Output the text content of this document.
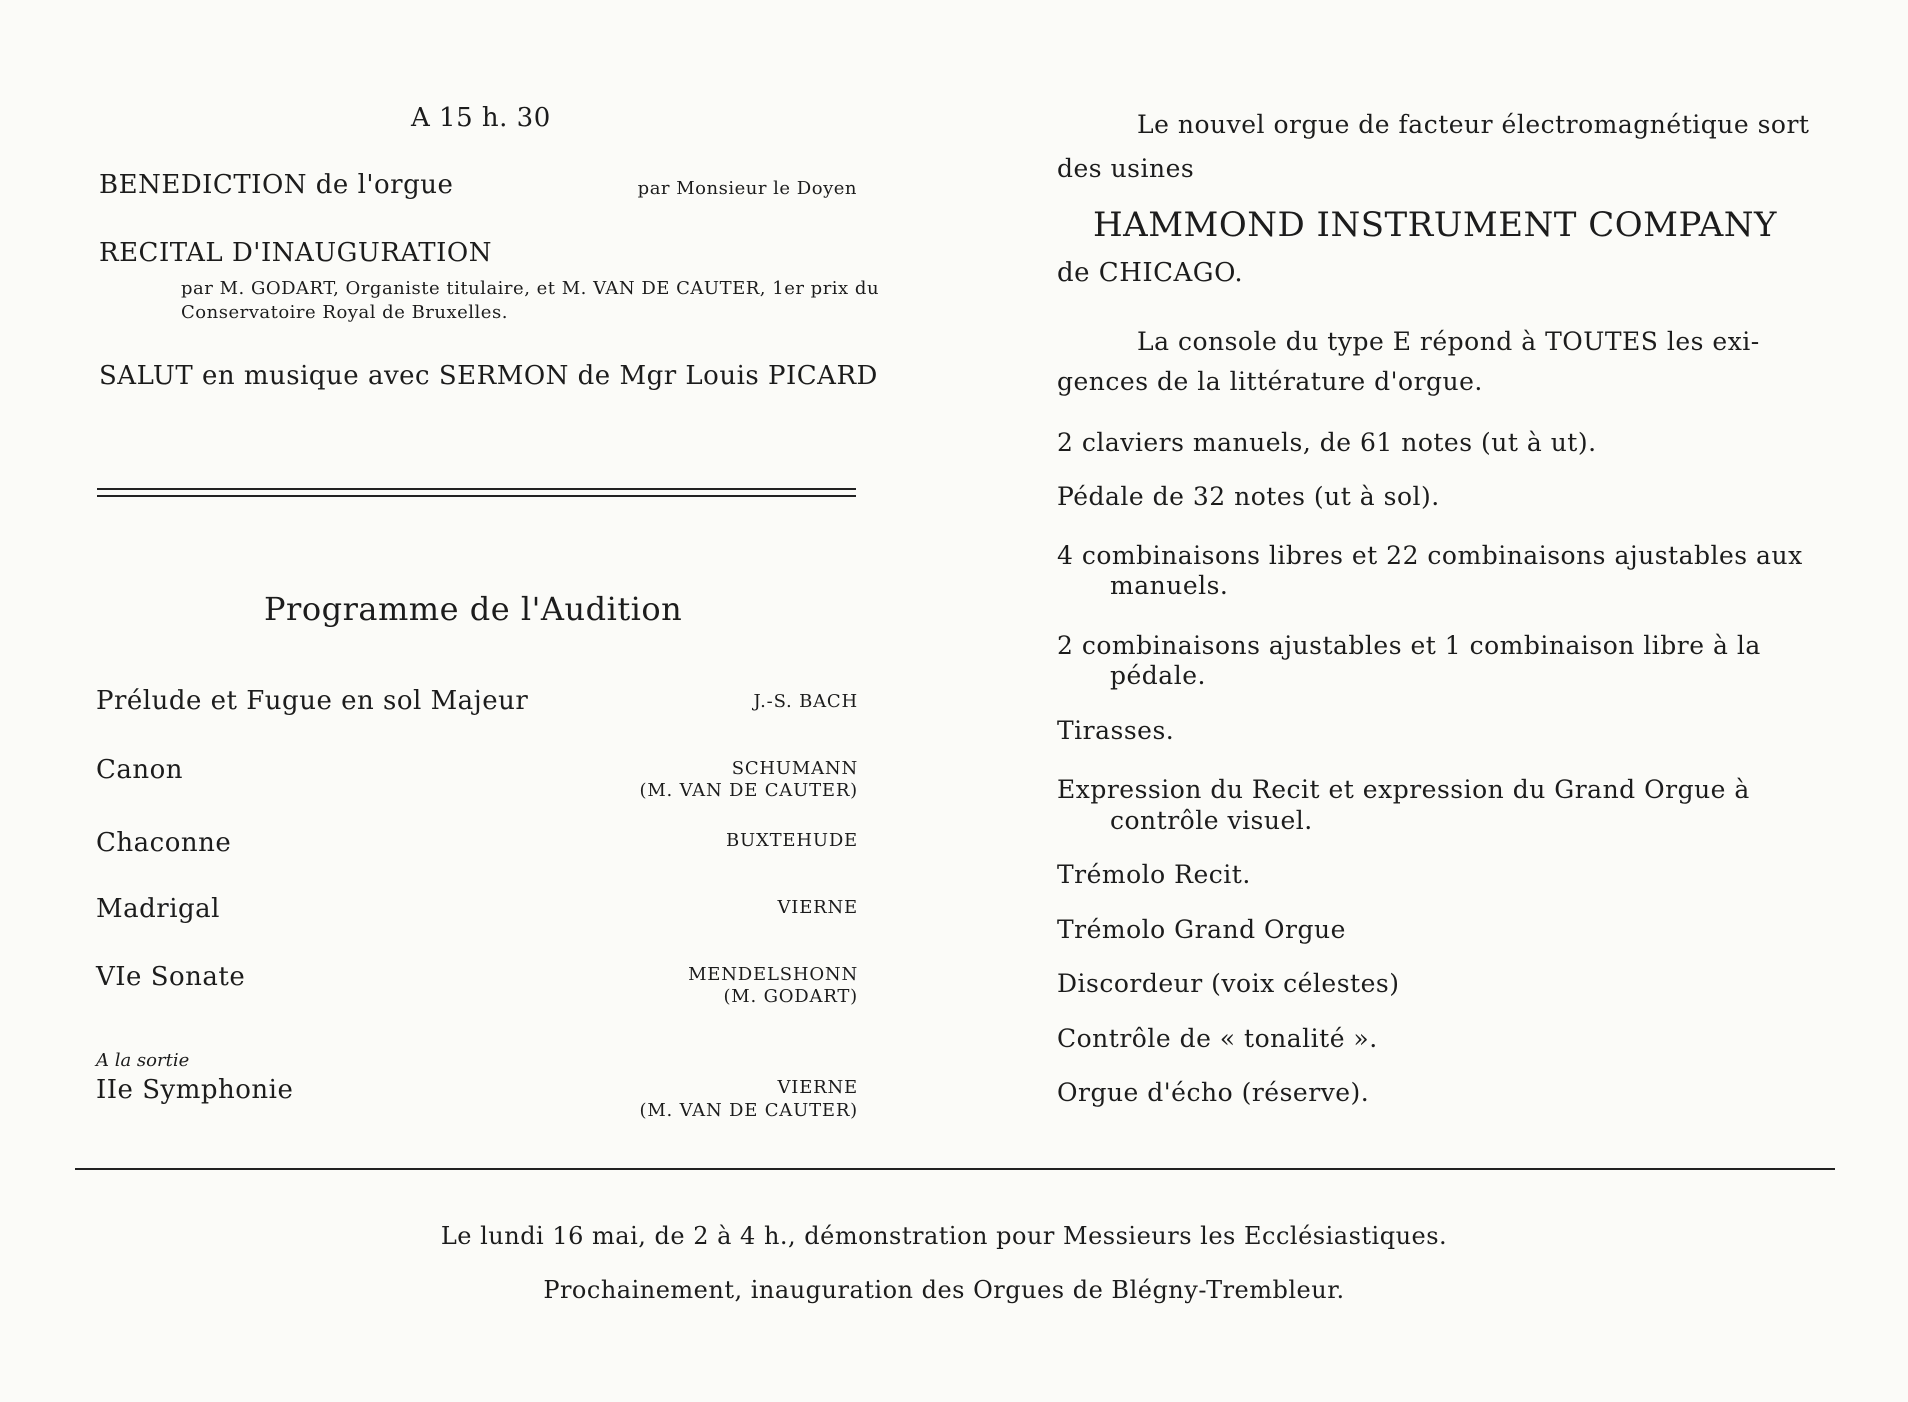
A 15 h. 30
BENEDICTION de l'orgue	par Monsieur le Doyen
RECITAL D'INAUGURATION
par M. GODART, Organiste titulaire, et M. VAN DE CAUTER, 1er prix du
Conservatoire Royal de Bruxelles.
SALUT en musique avec SERMON de Mgr Louis PICARD
Programme de l'Audition
Prélude et Fugue en sol Majeur	J.-S. BACH
Canon	SCHUMANN
(M. VAN DE CAUTER)
Chaconne	BUXTEHUDE
Madrigal	VIERNE
VIe Sonate	MENDELSHONN
(M. GODART)
A la sortie
IIe Symphonie	VIERNE
(M. VAN DE CAUTER)
Le nouvel orgue de facteur électromagnétique sort
des usines
HAMMOND INSTRUMENT COMPANY
de CHICAGO.
La console du type E répond à TOUTES les exi-
gences de la littérature d'orgue.
2 claviers manuels, de 61 notes (ut à ut).
Pédale de 32 notes (ut à sol).
4 combinaisons libres et 22 combinaisons ajustables aux
manuels.
2 combinaisons ajustables et 1 combinaison libre à la
pédale.
Tirasses.
Expression du Recit et expression du Grand Orgue à
contrôle visuel.
Trémolo Recit.
Trémolo Grand Orgue
Discordeur (voix célestes)
Contrôle de « tonalité ».
Orgue d'écho (réserve).
Le lundi 16 mai, de 2 à 4 h., démonstration pour Messieurs les Ecclésiastiques.
Prochainement, inauguration des Orgues de Blégny-Trembleur.
